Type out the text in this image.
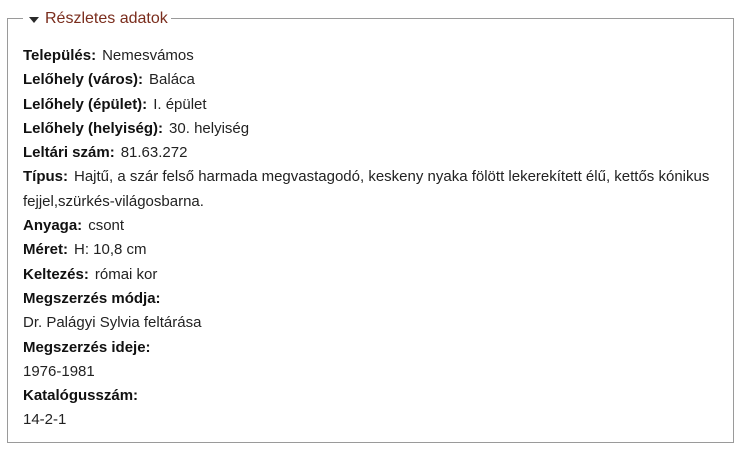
Részletes adatok

Település: Nemesvámos

Lelőhely (város): Baláca

Lelőhely (épület): I. épület

Lelőhely (helyiség): 30. helyiség

Leltári szám: 81.63.272

Típus: Hajtű, a szár felső harmada megvastagodó, keskeny nyaka fölött lekerekített élű, kettős kónikus fejjel,szürkés-világosbarna.

Anyaga: csont

Méret: H: 10,8 cm

Keltezés: római kor

Megszerzés módja:

Dr. Palágyi Sylvia feltárása

Megszerzés ideje:

1976-1981

Katalógusszám:

14-2-1
